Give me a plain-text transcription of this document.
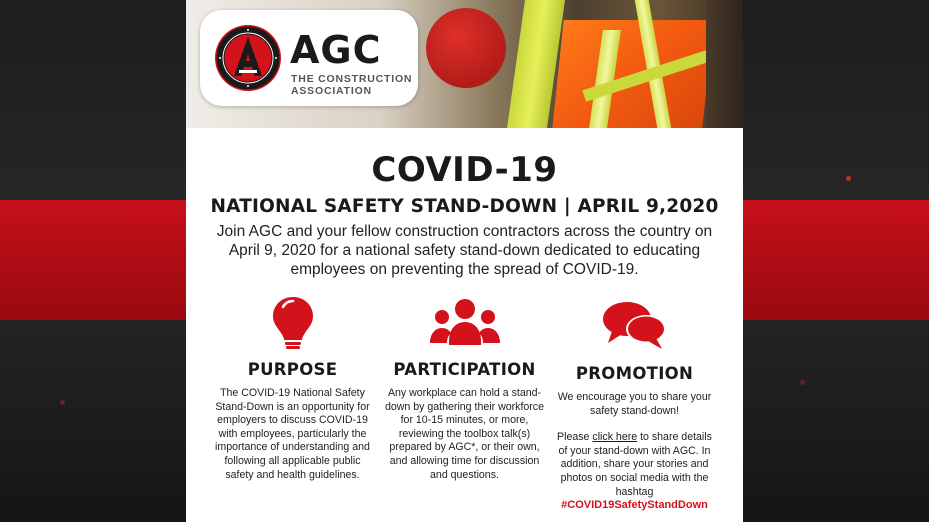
AGC
THE CONSTRUCTION ASSOCIATION
COVID-19
NATIONAL SAFETY STAND-DOWN | APRIL 9,2020
Join AGC and your fellow construction contractors across the country on April 9, 2020 for a national safety stand-down dedicated to educating employees on preventing the spread of COVID-19.
PURPOSE
The COVID-19 National Safety Stand-Down is an opportunity for employers to discuss COVID-19 with employees, particularly the importance of understanding and following all applicable public safety and health guidelines.
PARTICIPATION
Any workplace can hold a stand-down by gathering their workforce for 10-15 minutes, or more, reviewing the toolbox talk(s) prepared by AGC*, or their own, and allowing time for discussion and questions.
PROMOTION
We encourage you to share your safety stand-down!
Please click here to share details of your stand-down with AGC. In addition, share your stories and photos on social media with the hashtag
#COVID19SafetyStandDown
